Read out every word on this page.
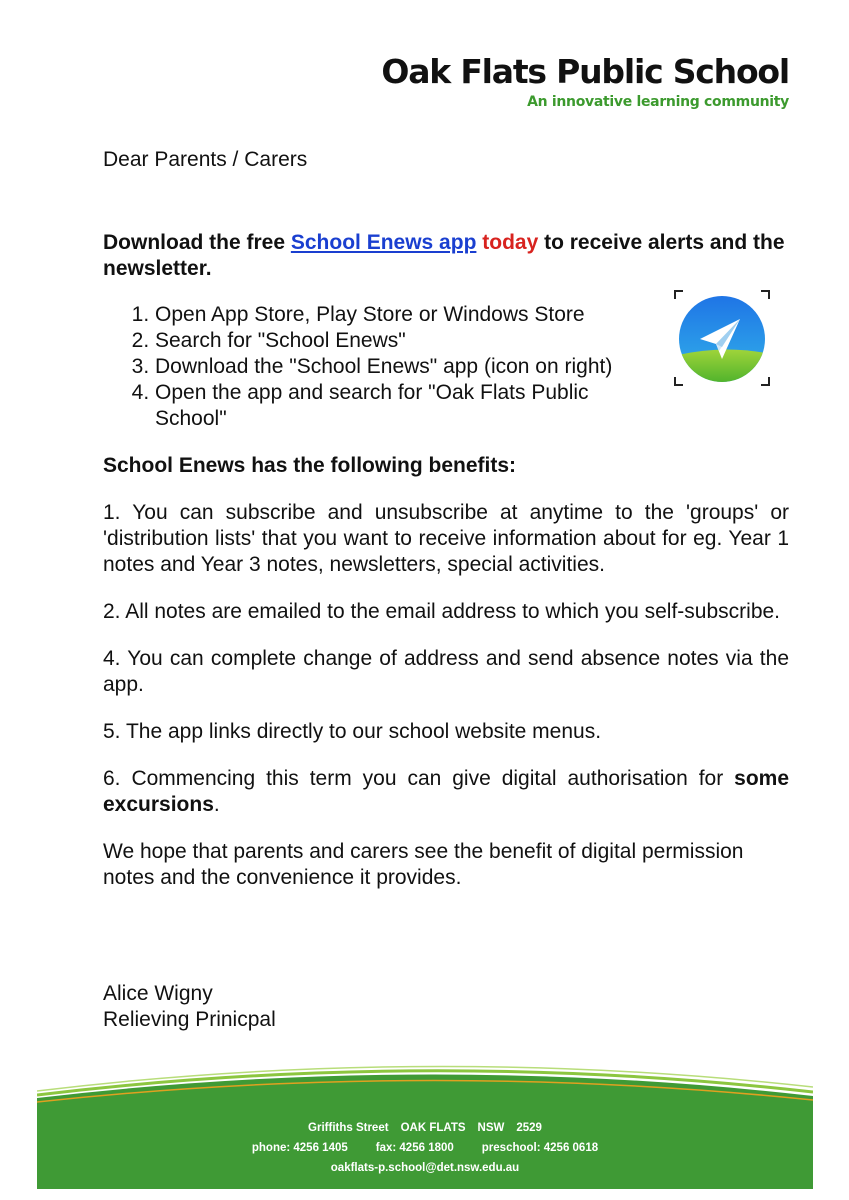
Oak Flats Public School
An innovative learning community

Dear Parents / Carers

Download the free School Enews app today to receive alerts and the newsletter.

1. Open App Store, Play Store or Windows Store
2. Search for "School Enews"
3. Download the "School Enews" app (icon on right)
4. Open the app and search for "Oak Flats Public School"

School Enews has the following benefits:

1. You can subscribe and unsubscribe at anytime to the 'groups' or 'distribution lists' that you want to receive information about for eg. Year 1 notes and Year 3 notes, newsletters, special activities.

2. All notes are emailed to the email address to which you self-subscribe.

4. You can complete change of address and send absence notes via the app.

5. The app links directly to our school website menus.

6. Commencing this term you can give digital authorisation for some excursions.

We hope that parents and carers see the benefit of digital permission notes and the convenience it provides.

Alice Wigny
Relieving Prinicpal
Griffiths Street OAK FLATS NSW 2529
phone: 4256 1405 fax: 4256 1800 preschool: 4256 0618
oakflats-p.school@det.nsw.edu.au
